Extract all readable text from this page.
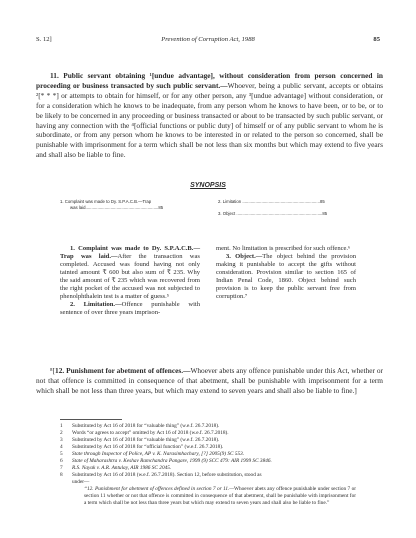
S. 12]	Prevention of Corruption Act, 1988	85

11. Public servant obtaining ¹[undue advantage], without consideration from person concerned in proceeding or business transacted by such public servant.—Whoever, being a public servant, accepts or obtains ²[* * *] or attempts to obtain for himself, or for any other person, any ³[undue advantage] without consideration, or for a consideration which he knows to be inadequate, from any person whom he knows to have been, or to be, or to be likely to be concerned in any proceeding or business transacted or about to be transacted by such public servant, or having any connection with the ⁴[official functions or public duty] of himself or of any public servant to whom he is subordinate, or from any person whom he knows to be interested in or related to the person so concerned, shall be punishable with imprisonment for a term which shall be not less than six months but which may extend to five years and shall also be liable to fine.

SYNOPSIS
1. Complaint was made to Dy. S.P.A.C.B.—Trap
was laid.............................................................85
2. Limitation .................................................................85
3. Object ........................................................................85

1. Complaint was made to Dy. S.P.A.C.B.—Trap was laid.—After the transaction was completed. Accused was found having not only tainted amount ₹ 600 but also sum of ₹ 235. Why the said amount of ₹ 235 which was recovered from the right pocket of the accused was not subjected to phenolphthalein test is a matter of guess.⁵

2. Limitation.—Offence punishable with sentence of over three years imprison-

ment. No limitation is prescribed for such offence.⁶

3. Object.—The object behind the provision making it punishable to accept the gifts without consideration. Provision similar to section 165 of Indian Penal Code, 1860. Object behind such provision is to keep the public servant free from corruption.⁷

⁸[12. Punishment for abetment of offences.—Whoever abets any offence punishable under this Act, whether or not that offence is committed in consequence of that abetment, shall be punishable with imprisonment for a term which shall be not less than three years, but which may extend to seven years and shall also be liable to fine.]

1 Substituted by Act 16 of 2018 for “valuable thing” (w.e.f. 26.7.2018).
2 Words “or agrees to accept” omitted by Act 16 of 2018 (w.e.f. 26.7.2018).
3 Substituted by Act 16 of 2018 for “valuable thing” (w.e.f. 26.7.2018).
4 Substituted by Act 16 of 2018 for “official function” (w.e.f. 26.7.2018).
5 State through Inspector of Police, AP v. K. Narasimhachary, [?] 2005(9) SC 553.
6 State of Maharashtra v. Keshav Ramchandra Pangare, 1999 (9) SCC 479: AIR 1999 SC 3846.
7 R.S. Nayak v. A.R. Antulay, AIR 1986 SC 2045.
8 Substituted by Act 16 of 2018 (w.e.f. 26.7.2018). Section 12, before substitution, stood as
under—
“12. Punishment for abetment of offences defined in section 7 or 11.—Whoever abets any offence punishable under section 7 or section 11 whether or not that offence is committed in consequence of that abetment, shall be punishable with imprisonment for a term which shall be not less than three years but which may extend to seven years and shall also be liable to fine.”
